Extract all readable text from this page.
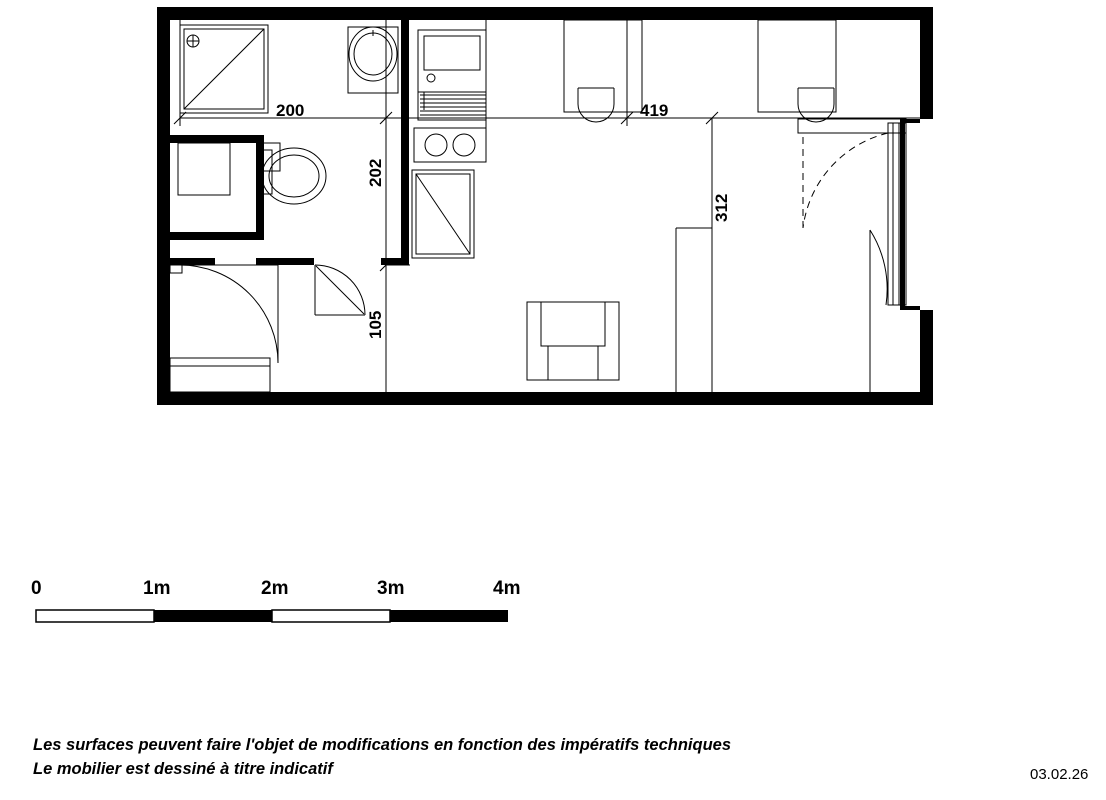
200
202
419
312
105
0	1m	2m	3m	4m
Les surfaces peuvent faire l'objet de modifications en fonction des impératifs techniques
Le mobilier est dessiné à titre indicatif	03.02.26
